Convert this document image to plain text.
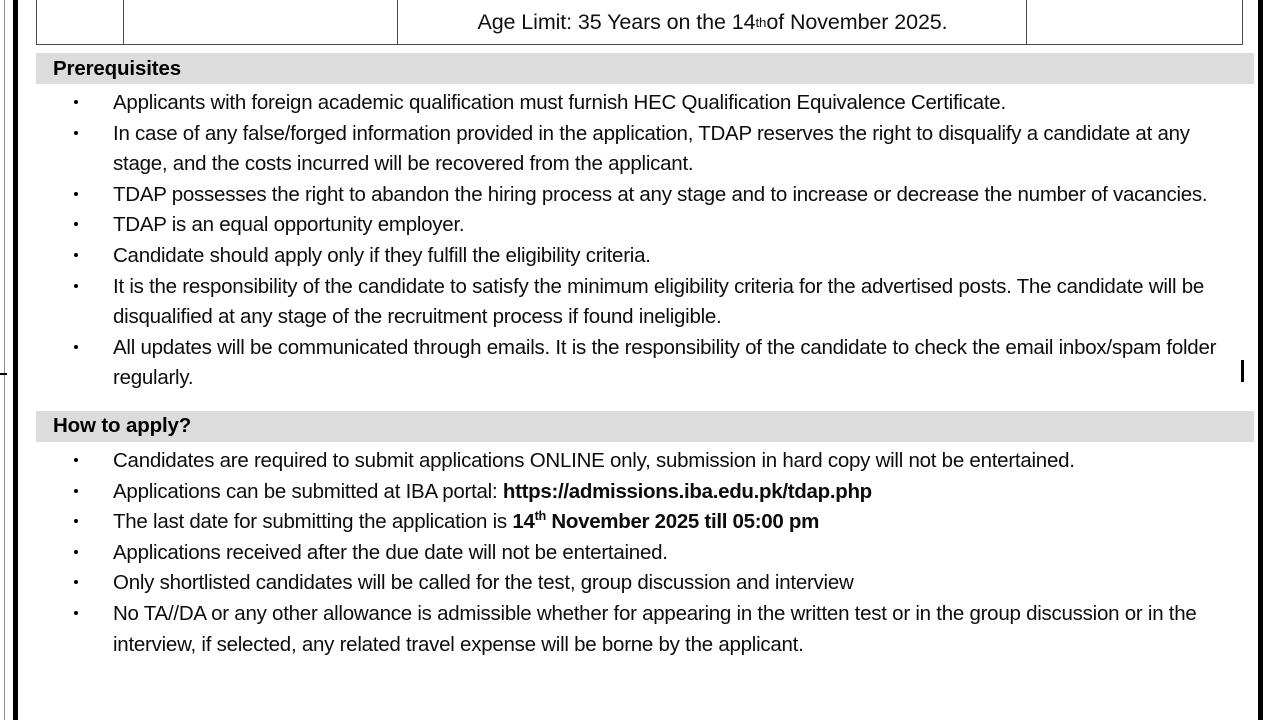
Age Limit: 35 Years on the 14 th of November 2025.
Prerequisites
Applicants with foreign academic qualification must furnish HEC Qualification Equivalence Certificate.
In case of any false/forged information provided in the application, TDAP reserves the right to disqualify a candidate at any stage, and the costs incurred will be recovered from the applicant.
TDAP possesses the right to abandon the hiring process at any stage and to increase or decrease the number of vacancies.
TDAP is an equal opportunity employer.
Candidate should apply only if they fulfill the eligibility criteria.
It is the responsibility of the candidate to satisfy the minimum eligibility criteria for the advertised posts. The candidate will be disqualified at any stage of the recruitment process if found ineligible.
All updates will be communicated through emails. It is the responsibility of the candidate to check the email inbox/spam folder regularly.
How to apply?
Candidates are required to submit applications ONLINE only, submission in hard copy will not be entertained.
Applications can be submitted at IBA portal: https://admissions.iba.edu.pk/tdap.php
The last date for submitting the application is 14th November 2025 till 05:00 pm
Applications received after the due date will not be entertained.
Only shortlisted candidates will be called for the test, group discussion and interview
No TA//DA or any other allowance is admissible whether for appearing in the written test or in the group discussion or in the interview, if selected, any related travel expense will be borne by the applicant.
